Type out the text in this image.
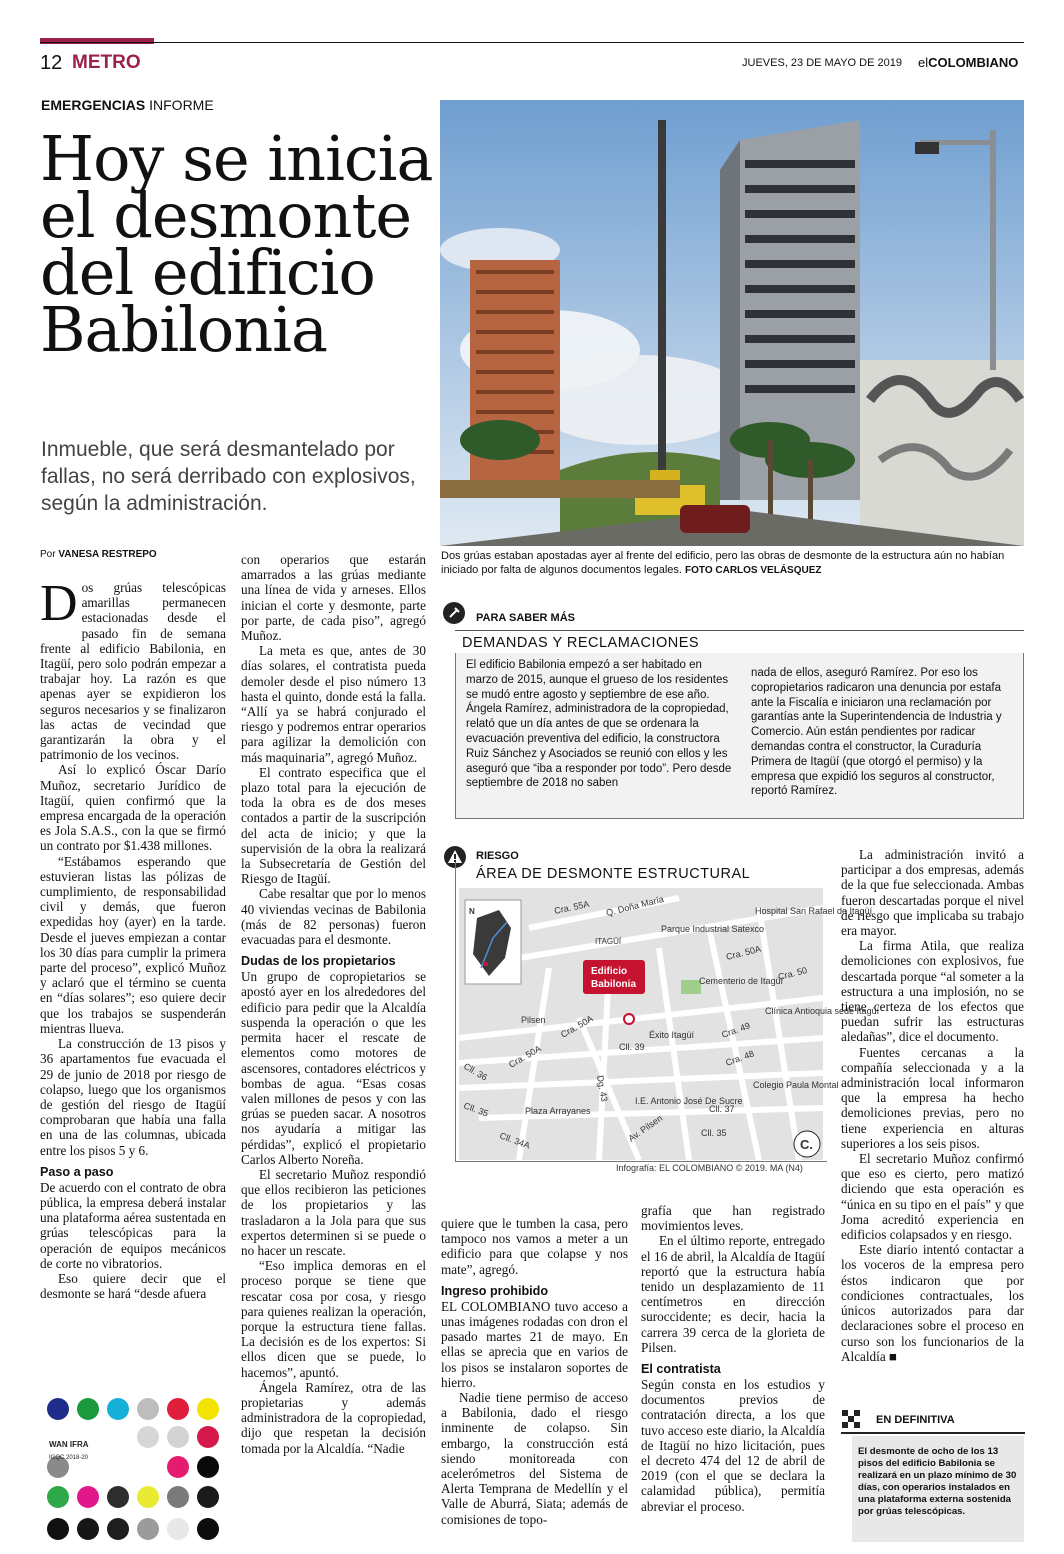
12 METRO	JUEVES, 23 DE MAYO DE 2019 elCOLOMBIANO
EMERGENCIAS INFORME
Hoy se inicia el desmonte del edificio Babilonia
Inmueble, que será desmantelado por fallas, no será derribado con explosivos, según la administración.
Dos grúas estaban apostadas ayer al frente del edificio, pero las obras de desmonte de la estructura aún no habían iniciado por falta de algunos documentos legales. FOTO CARLOS VELÁSQUEZ
Por VANESA RESTREPO

Dos grúas telescópicas amarillas permanecen estacionadas desde el pasado fin de semana frente al edificio Babilonia, en Itagüí, pero solo podrán empezar a trabajar hoy. La razón es que apenas ayer se expidieron los seguros necesarios y se finalizaron las actas de vecindad que garantizarán la obra y el patrimonio de los vecinos.

Así lo explicó Óscar Darío Muñoz, secretario Jurídico de Itagüí, quien confirmó que la empresa encargada de la operación es Jola S.A.S., con la que se firmó un contrato por $1.438 millones.

“Estábamos esperando que estuvieran listas las pólizas de cumplimiento, de responsabilidad civil y demás, que fueron expedidas hoy (ayer) en la tarde. Desde el jueves empiezan a contar los 30 días para cumplir la primera parte del proceso”, explicó Muñoz y aclaró que el término se cuenta en “días solares”; eso quiere decir que los trabajos se suspenderán mientras llueva.

La construcción de 13 pisos y 36 apartamentos fue evacuada el 29 de junio de 2018 por riesgo de colapso, luego que los organismos de gestión del riesgo de Itagüí comprobaran que había una falla en una de las columnas, ubicada entre los pisos 5 y 6.

Paso a paso

De acuerdo con el contrato de obra pública, la empresa deberá instalar una plataforma aérea sustentada en grúas telescópicas para la operación de equipos mecánicos de corte no vibratorios.

Eso quiere decir que el desmonte se hará “desde afuera

con operarios que estarán amarrados a las grúas mediante una línea de vida y arneses. Ellos inician el corte y desmonte, parte por parte, de cada piso”, agregó Muñoz.

La meta es que, antes de 30 días solares, el contratista pueda demoler desde el piso número 13 hasta el quinto, donde está la falla. “Allí ya se habrá conjurado el riesgo y podremos entrar operarios para agilizar la demolición con más maquinaria”, agregó Muñoz.

El contrato especifica que el plazo total para la ejecución de toda la obra es de dos meses contados a partir de la suscripción del acta de inicio; y que la supervisión de la obra la realizará la Subsecretaría de Gestión del Riesgo de Itagüí.

Cabe resaltar que por lo menos 40 viviendas vecinas de Babilonia (más de 82 personas) fueron evacuadas para el desmonte.

Dudas de los propietarios

Un grupo de copropietarios se apostó ayer en los alrededores del edificio para pedir que la Alcaldía suspenda la operación o que les permita hacer el rescate de elementos como motores de ascensores, contadores eléctricos y bombas de agua. “Esas cosas valen millones de pesos y con las grúas se pueden sacar. A nosotros nos ayudaría a mitigar las pérdidas”, explicó el propietario Carlos Alberto Noreña.

El secretario Muñoz respondió que ellos recibieron las peticiones de los propietarios y las trasladaron a la Jola para que sus expertos determinen si se puede o no hacer un rescate.

“Eso implica demoras en el proceso porque se tiene que rescatar cosa por cosa, y riesgo para quienes realizan la operación, porque la estructura tiene fallas. La decisión es de los expertos: Si ellos dicen que se puede, lo hacemos”, apuntó.

Ángela Ramírez, otra de las propietarias y además administradora de la copropiedad, dijo que respetan la decisión tomada por la Alcaldía. “Nadie

PARA SABER MÁS
DEMANDAS Y RECLAMACIONES
El edificio Babilonia empezó a ser habitado en marzo de 2015, aunque el grueso de los residentes se mudó entre agosto y septiembre de ese año. Ángela Ramírez, administradora de la copropiedad, relató que un día antes de que se ordenara la evacuación preventiva del edificio, la constructora Ruiz Sánchez y Asociados se reunió con ellos y les aseguró que “iba a responder por todo”. Pero desde septiembre de 2018 no saben
nada de ellos, aseguró Ramírez. Por eso los copropietarios radicaron una denuncia por estafa ante la Fiscalía e iniciaron una reclamación por garantías ante la Superintendencia de Industria y Comercio. Aún están pendientes por radicar demandas contra el constructor, la Curaduría Primera de Itagüí (que otorgó el permiso) y la empresa que expidió los seguros al constructor, reportó Ramírez.
RIESGO
ÁREA DE DESMONTE ESTRUCTURAL
N	Cra. 55A Q. Doña María
ITAGÜÍ
Parque Industrial Satexco
Hospital San Rafael de Itagüí
Cra. 50A
Cra. 50
Edificio
Babilonia	Cementerio de Itagüí
Clínica Antioquia sede Itagüí
Pilsen Cra. 50A	Éxito Itagüí	Cra. 49
Cll. 36
Cra. 50A	Cll. 39
Dg. 43
Cra. 48
Colegio Paula Montal
Cll. 35	Plaza Arrayanes
I.E. Antonio José De Sucre
Cll. 37
Cll. 34A	Av. Pilsen	Cll. 35
C.
Infografía: EL COLOMBIANO © 2019. MA (N4)

quiere que le tumben la casa, pero tampoco nos vamos a meter a un edificio para que colapse y nos mate”, agregó.

Ingreso prohibido

EL COLOMBIANO tuvo acceso a unas imágenes rodadas con dron el pasado martes 21 de mayo. En ellas se aprecia que en varios de los pisos se instalaron soportes de hierro.

Nadie tiene permiso de acceso a Babilonia, dado el riesgo inminente de colapso. Sin embargo, la construcción está siendo monitoreada con acelerómetros del Sistema de Alerta Temprana de Medellín y el Valle de Aburrá, Siata; además de comisiones de topo-

grafía que han registrado movimientos leves.

En el último reporte, entregado el 16 de abril, la Alcaldía de Itagüí reportó que la estructura había tenido un desplazamiento de 11 centímetros en dirección suroccidente; es decir, hacia la carrera 39 cerca de la glorieta de Pilsen.

El contratista

Según consta en los estudios y documentos previos de contratación directa, a los que tuvo acceso este diario, la Alcaldía de Itagüí no hizo licitación, pues el decreto 474 del 12 de abril de 2019 (con el que se declara la calamidad pública), permitía abreviar el proceso.

La administración invitó a participar a dos empresas, además de la que fue seleccionada. Ambas fueron descartadas porque el nivel de riesgo que implicaba su trabajo era mayor.

La firma Atila, que realiza demoliciones con explosivos, fue descartada porque “al someter a la estructura a una implosión, no se tiene certeza de los efectos que puedan sufrir las estructuras aledañas”, dice el documento.

Fuentes cercanas a la compañía seleccionada y a la administración local informaron que la empresa ha hecho demoliciones previas, pero no tiene experiencia en alturas superiores a los seis pisos.

El secretario Muñoz confirmó que eso es cierto, pero matizó diciendo que esta operación es “única en su tipo en el país” y que Joma acreditó experiencia en edificios colapsados y en riesgo.

Este diario intentó contactar a los voceros de la empresa pero éstos indicaron que por condiciones contractuales, los únicos autorizados para dar declaraciones sobre el proceso en curso son los funcionarios de la Alcaldía ■

WAN IFRA
IGQC 2018-20
EN DEFINITIVA
El desmonte de ocho de los 13 pisos del edificio Babilonia se realizará en un plazo mínimo de 30 días, con operarios instalados en una plataforma externa sostenida por grúas telescópicas.
